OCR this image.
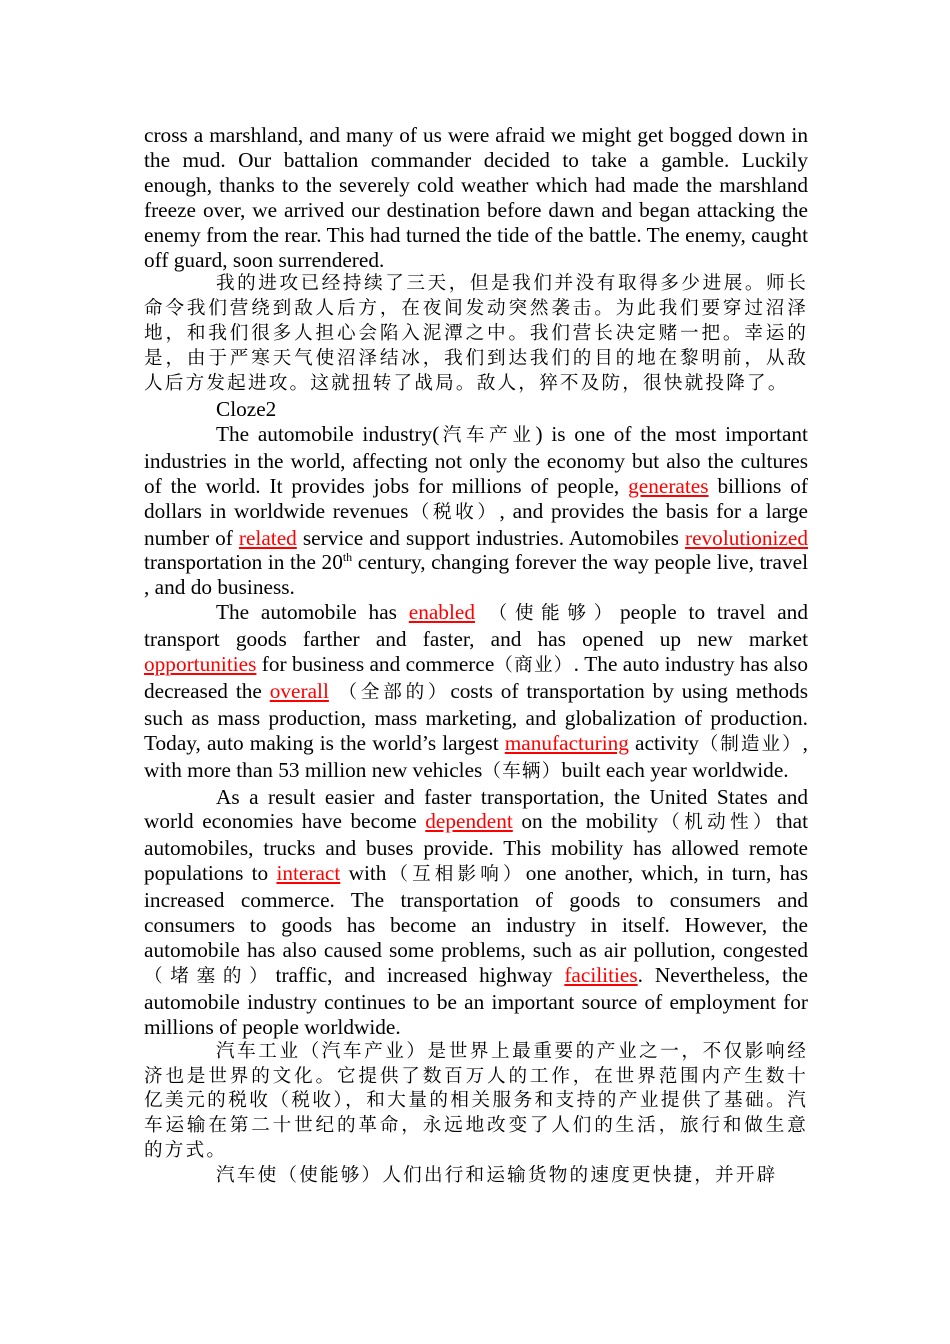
cross a marshland, and many of us were afraid we might get bogged down in the mud. Our battalion commander decided to take a gamble. Luckily enough, thanks to the severely cold weather which had made the marshland freeze over, we arrived our destination before dawn and began attacking the enemy from the rear. This had turned the tide of the battle. The enemy, caught off guard, soon surrendered.

我的进攻已经持续了三天，但是我们并没有取得多少进展。师长命令我们营绕到敌人后方，在夜间发动突然袭击。为此我们要穿过沼泽地，和我们很多人担心会陷入泥潭之中。我们营长决定赌一把。幸运的是，由于严寒天气使沼泽结冰，我们到达我们的目的地在黎明前，从敌人后方发起进攻。这就扭转了战局。敌人，猝不及防，很快就投降了。

Cloze2

The automobile industry(汽车产业) is one of the most important industries in the world, affecting not only the economy but also the cultures of the world. It provides jobs for millions of people, generates billions of dollars in worldwide revenues（税收）, and provides the basis for a large number of related service and support industries. Automobiles revolutionized transportation in the 20th century, changing forever the way people live, travel , and do business.

The automobile has enabled （使能够）people to travel and transport goods farther and faster, and has opened up new market opportunities for business and commerce（商业）. The auto industry has also decreased the overall （全部的）costs of transportation by using methods such as mass production, mass marketing, and globalization of production. Today, auto making is the world’s largest manufacturing activity（制造业）, with more than 53 million new vehicles（车辆）built each year worldwide.

As a result easier and faster transportation, the United States and world economies have become dependent on the mobility（机动性）that automobiles, trucks and buses provide. This mobility has allowed remote populations to interact with（互相影响）one another, which, in turn, has increased commerce. The transportation of goods to consumers and consumers to goods has become an industry in itself. However, the automobile has also caused some problems, such as air pollution, congested（堵塞的）traffic, and increased highway facilities. Nevertheless, the automobile industry continues to be an important source of employment for millions of people worldwide.

汽车工业（汽车产业）是世界上最重要的产业之一，不仅影响经济也是世界的文化。它提供了数百万人的工作，在世界范围内产生数十亿美元的税收（税收），和大量的相关服务和支持的产业提供了基础。汽车运输在第二十世纪的革命，永远地改变了人们的生活，旅行和做生意的方式。

汽车使（使能够）人们出行和运输货物的速度更快捷，并开辟
